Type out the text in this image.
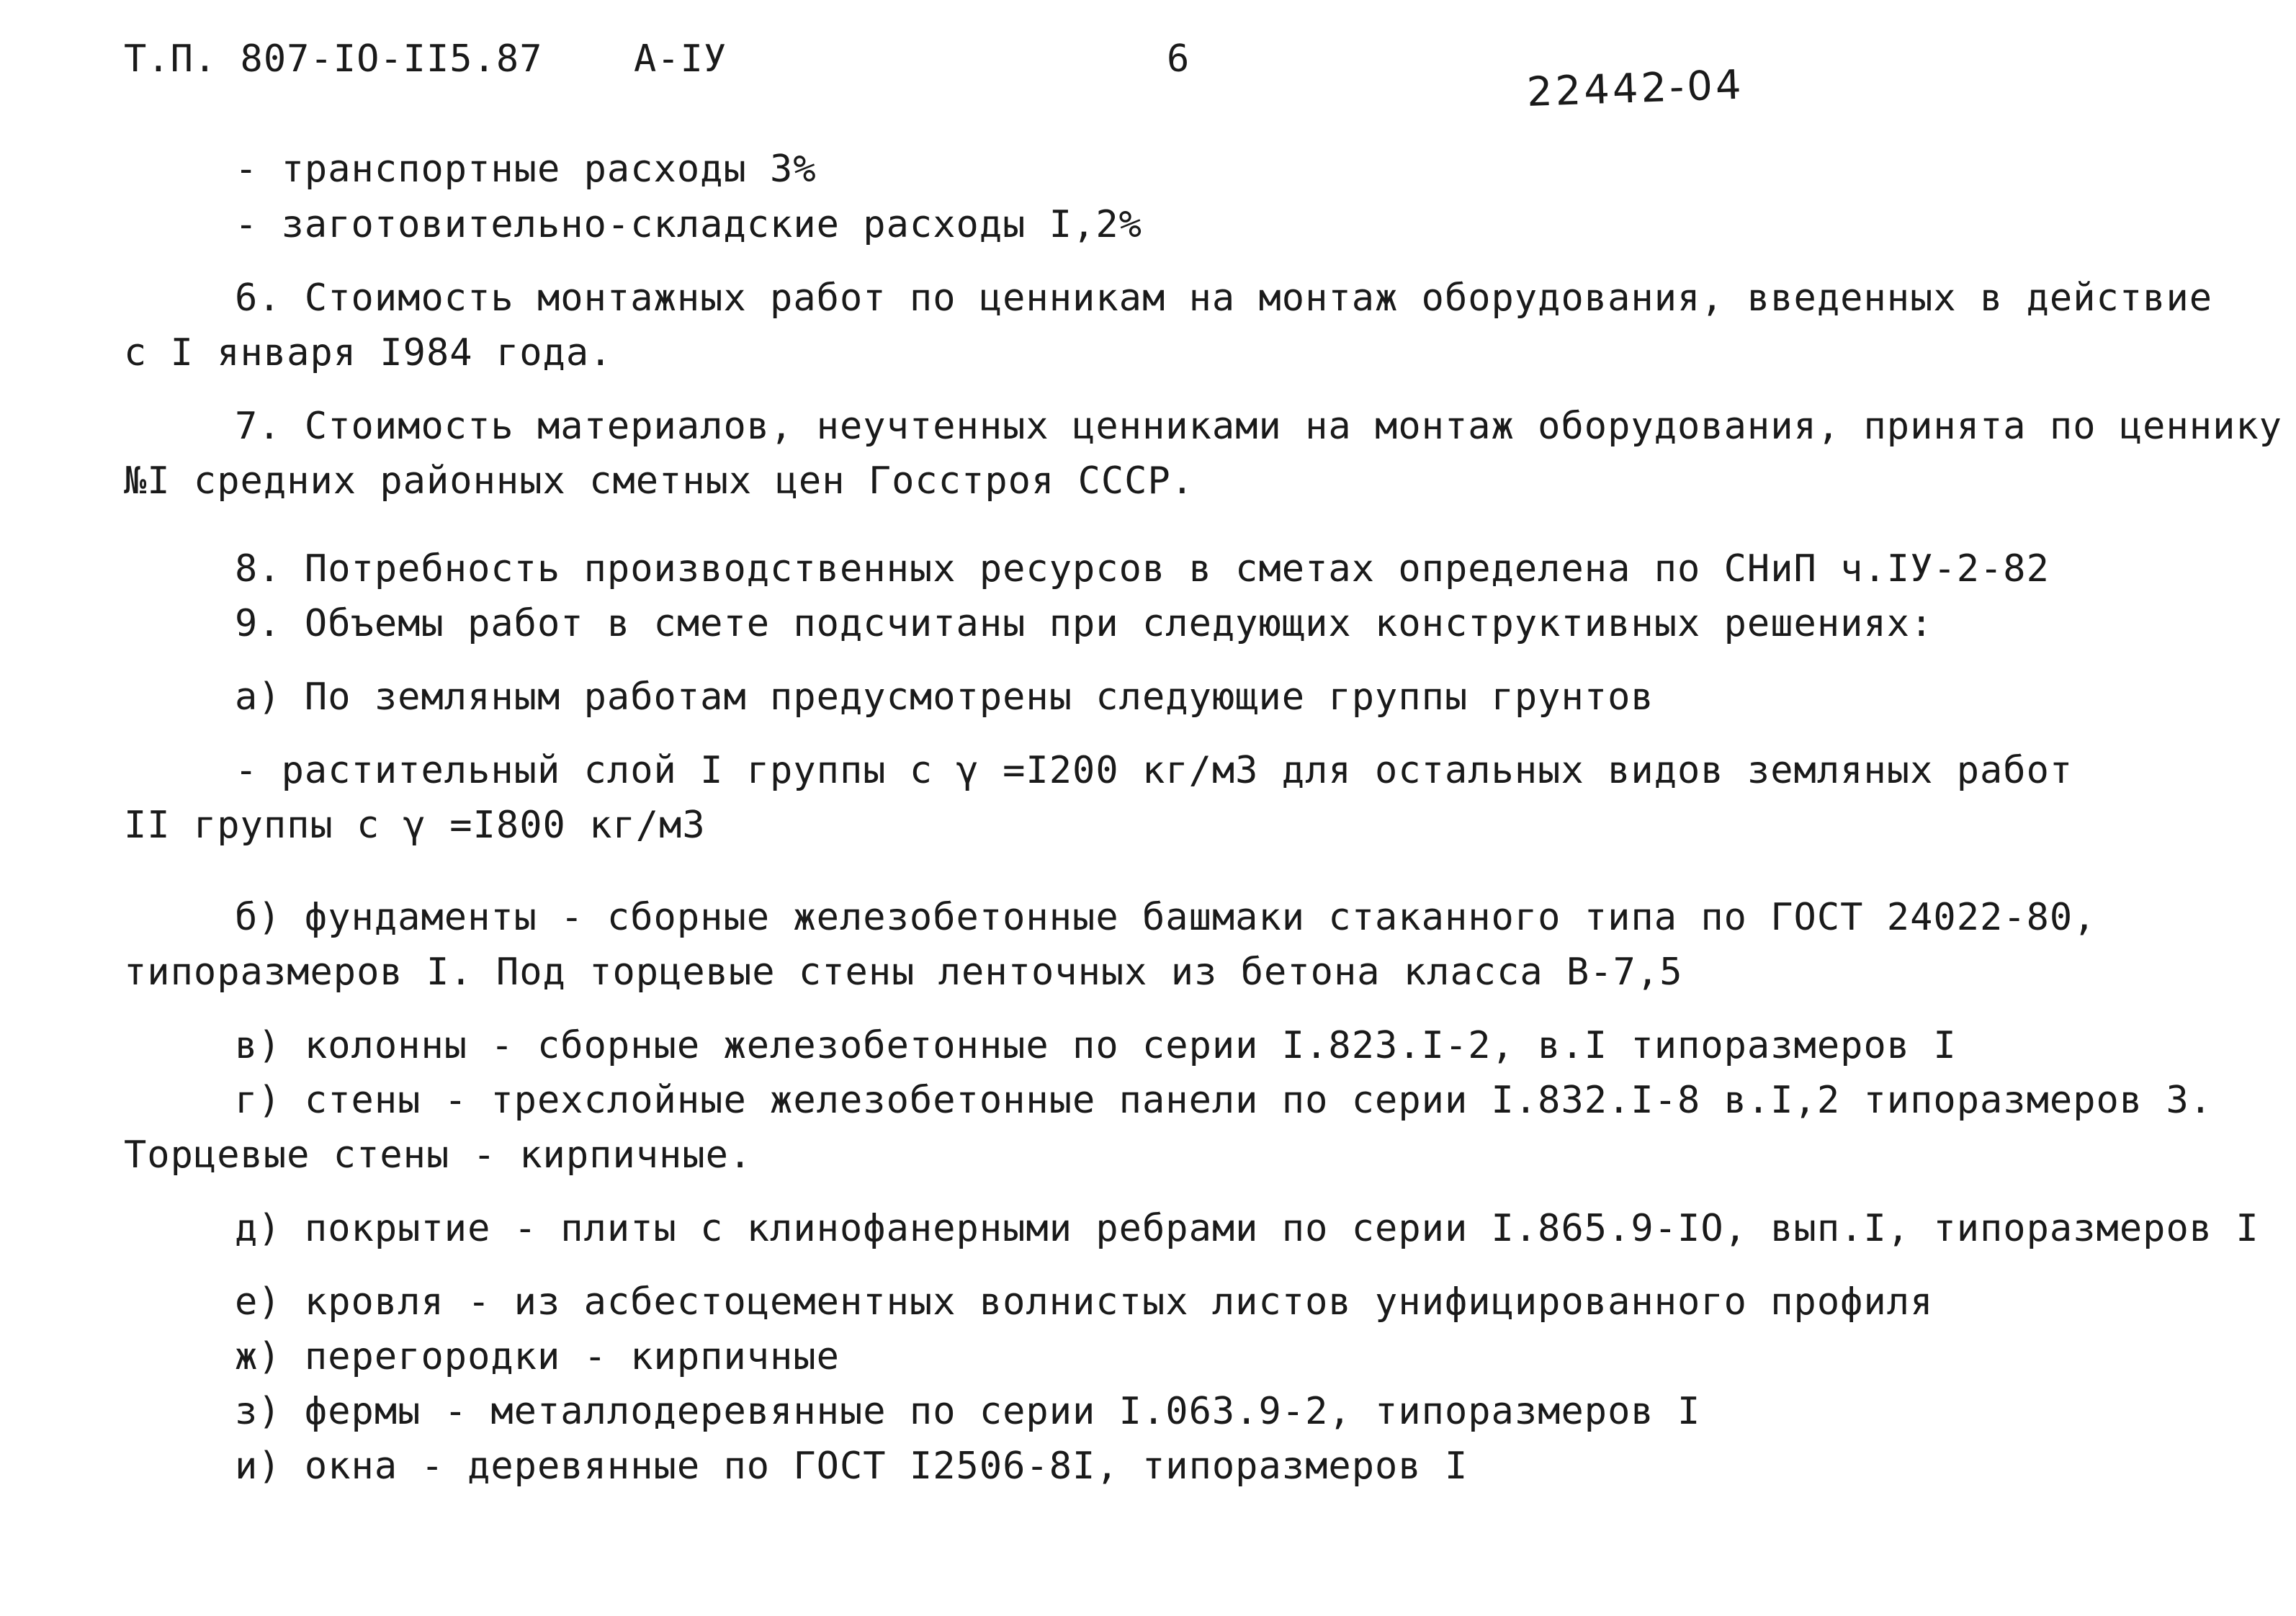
Т.П. 807-IO-II5.87 А-IУ	6
22442-04
- транспортные расходы 3%
- заготовительно-складские расходы I,2%
6. Стоимость монтажных работ по ценникам на монтаж оборудования, введенных в действие
с I января I984 года.
7. Стоимость материалов, неучтенных ценниками на монтаж оборудования, принята по ценнику
№I средних районных сметных цен Госстроя СССР.
8. Потребность производственных ресурсов в сметах определена по СНиП ч.IУ-2-82
9. Объемы работ в смете подсчитаны при следующих конструктивных решениях:
а) По земляным работам предусмотрены следующие группы грунтов
- растительный слой I группы с γ =I200 кг/м3 для остальных видов земляных работ
II группы с γ =I800 кг/м3
б) фундаменты - сборные железобетонные башмаки стаканного типа по ГОСТ 24022-80,
типоразмеров I. Под торцевые стены ленточных из бетона класса В-7,5
в) колонны - сборные железобетонные по серии I.823.I-2, в.I типоразмеров I
г) стены - трехслойные железобетонные панели по серии I.832.I-8 в.I,2 типоразмеров 3.
Торцевые стены - кирпичные.
д) покрытие - плиты с клинофанерными ребрами по серии I.865.9-IO, вып.I, типоразмеров I
е) кровля - из асбестоцементных волнистых листов унифицированного профиля
ж) перегородки - кирпичные
з) фермы - металлодеревянные по серии I.063.9-2, типоразмеров I
и) окна - деревянные по ГОСТ I2506-8I, типоразмеров I
